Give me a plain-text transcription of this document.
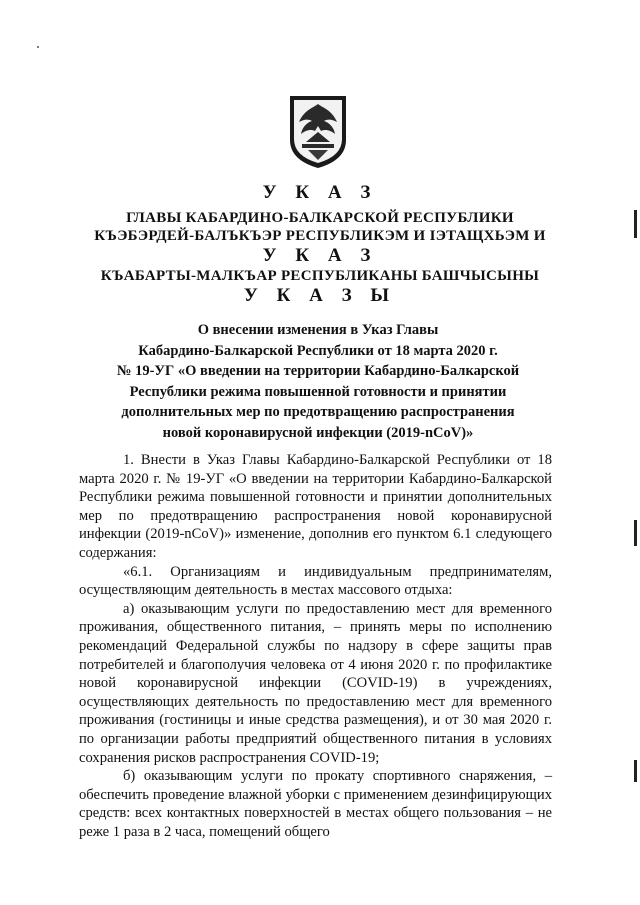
У К А З
ГЛАВЫ КАБАРДИНО-БАЛКАРСКОЙ РЕСПУБЛИКИ
КЪЭБЭРДЕЙ-БАЛЪКЪЭР РЕСПУБЛИКЭМ И IЭТАЩХЬЭМ И
У К А З
КЪАБАРТЫ-МАЛКЪАР РЕСПУБЛИКАНЫ БАШЧЫСЫНЫ
У К А З Ы
О внесении изменения в Указ Главы
Кабардино-Балкарской Республики от 18 марта 2020 г.
№ 19-УГ «О введении на территории Кабардино-Балкарской
Республики режима повышенной готовности и принятии
дополнительных мер по предотвращению распространения
новой коронавирусной инфекции (2019-nCoV)»

1. Внести в Указ Главы Кабардино-Балкарской Республики от 18 марта 2020 г. № 19-УГ «О введении на территории Кабардино-Балкарской Республики режима повышенной готовности и принятии дополнительных мер по предотвращению распространения новой коронавирусной инфекции (2019-nCoV)» изменение, дополнив его пунктом 6.1 следующего содержания:

«6.1. Организациям и индивидуальным предпринимателям, осуществляющим деятельность в местах массового отдыха:

а) оказывающим услуги по предоставлению мест для временного проживания, общественного питания, – принять меры по исполнению рекомендаций Федеральной службы по надзору в сфере защиты прав потребителей и благополучия человека от 4 июня 2020 г. по профилактике новой коронавирусной инфекции (COVID-19) в учреждениях, осуществляющих деятельность по предоставлению мест для временного проживания (гостиницы и иные средства размещения), и от 30 мая 2020 г. по организации работы предприятий общественного питания в условиях сохранения рисков распространения COVID-19;

б) оказывающим услуги по прокату спортивного снаряжения, – обеспечить проведение влажной уборки с применением дезинфицирующих средств: всех контактных поверхностей в местах общего пользования – не реже 1 раза в 2 часа, помещений общего
